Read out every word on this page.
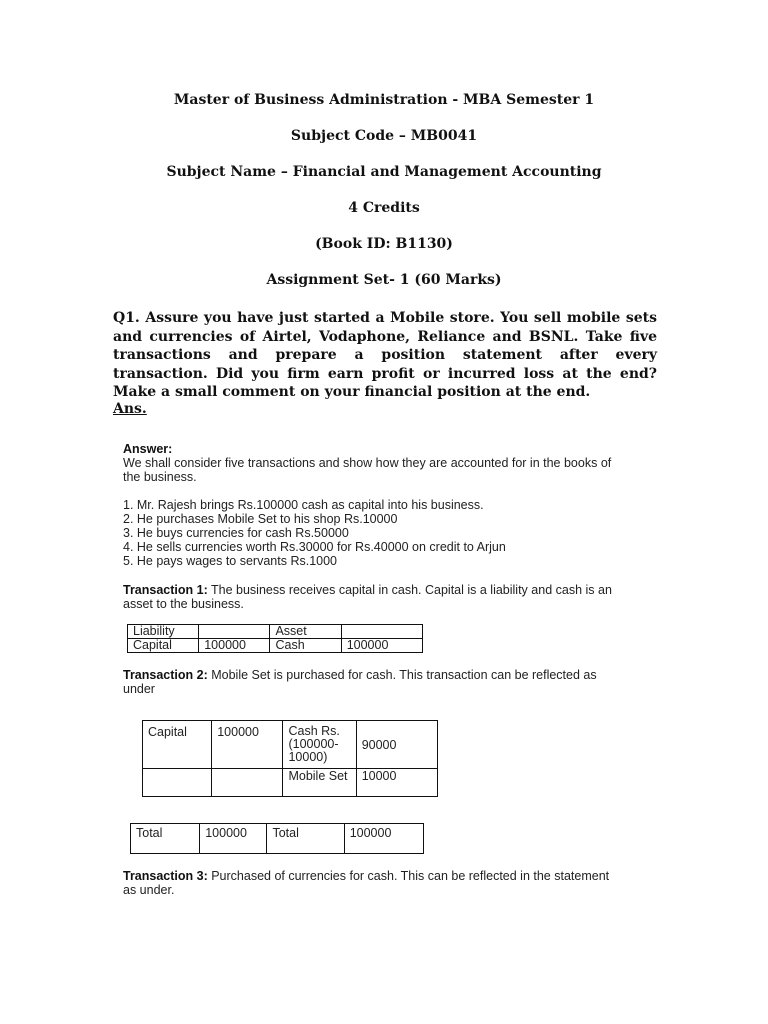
Master of Business Administration - MBA Semester 1
Subject Code – MB0041
Subject Name – Financial and Management Accounting
4 Credits
(Book ID: B1130)
Assignment Set- 1 (60 Marks)
Q1. Assure you have just started a Mobile store. You sell mobile sets and currencies of Airtel, Vodaphone, Reliance and BSNL. Take five transactions and prepare a position statement after every transaction. Did you firm earn profit or incurred loss at the end? Make a small comment on your financial position at the end.
Ans.
Answer:
We shall consider five transactions and show how they are accounted for in the books of the business.
1. Mr. Rajesh brings Rs.100000 cash as capital into his business.
2. He purchases Mobile Set to his shop Rs.10000
3. He buys currencies for cash Rs.50000
4. He sells currencies worth Rs.30000 for Rs.40000 on credit to Arjun
5. He pays wages to servants Rs.1000
Transaction 1: The business receives capital in cash. Capital is a liability and cash is an asset to the business.
Liability		Asset	
Capital	100000	Cash	100000
Transaction 2: Mobile Set is purchased for cash. This transaction can be reflected as under
Capital	100000	Cash Rs. (100000-10000)	90000
		Mobile Set	10000
Total	100000	Total	100000
Transaction 3: Purchased of currencies for cash. This can be reflected in the statement as under.
